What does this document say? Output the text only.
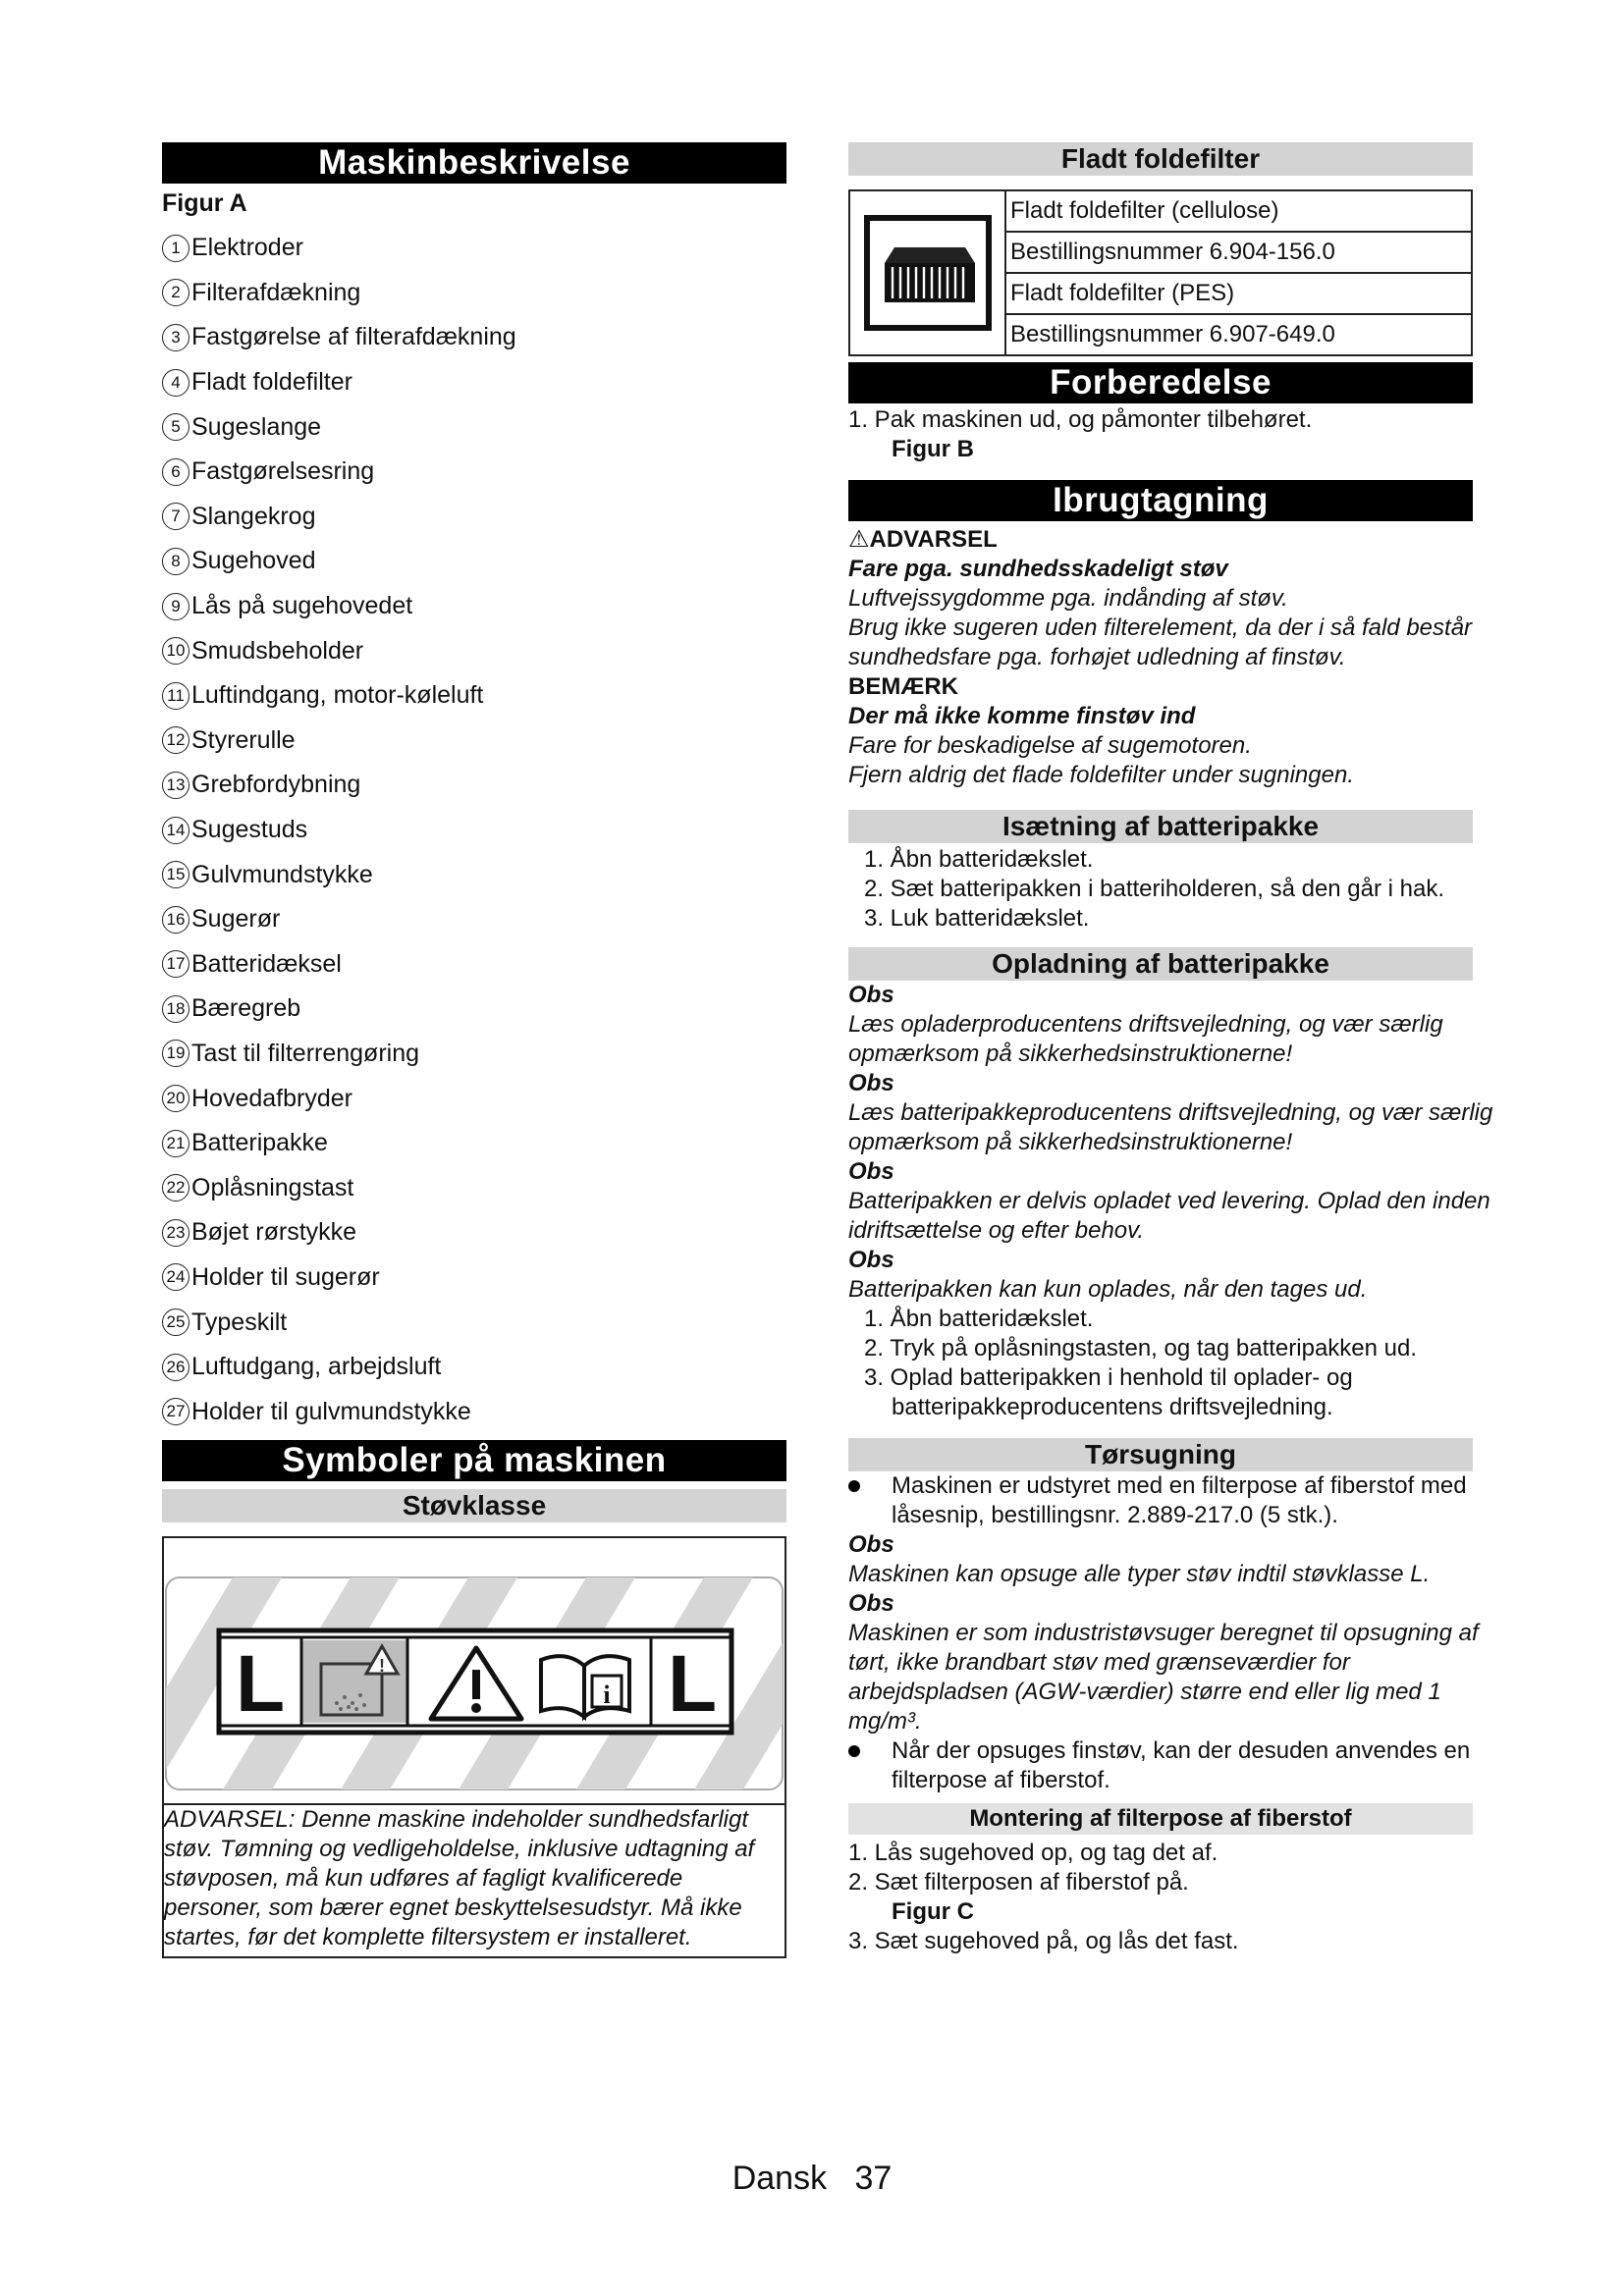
Maskinbeskrivelse
Figur A
1 Elektroder
2 Filterafdækning
3 Fastgørelse af filterafdækning
4 Fladt foldefilter
5 Sugeslange
6 Fastgørelsesring
7 Slangekrog
8 Sugehoved
9 Lås på sugehovedet
10 Smudsbeholder
11 Luftindgang, motor-køleluft
12 Styrerulle
13 Grebfordybning
14 Sugestuds
15 Gulvmundstykke
16 Sugerør
17 Batteridæksel
18 Bæregreb
19 Tast til filterrengøring
20 Hovedafbryder
21 Batteripakke
22 Oplåsningstast
23 Bøjet rørstykke
24 Holder til sugerør
25 Typeskilt
26 Luftudgang, arbejdsluft
27 Holder til gulvmundstykke
Symboler på maskinen
Støvklasse
L	!
i L
ADVARSEL: Denne maskine indeholder sundhedsfarligt støv. Tømning og vedligeholdelse, inklusive udtagning af støvposen, må kun udføres af fagligt kvalificerede personer, som bærer egnet beskyttelsesudstyr. Må ikke startes, før det komplette filtersystem er installeret.
Fladt foldefilter
Fladt foldefilter (cellulose)
Bestillingsnummer 6.904-156.0
Fladt foldefilter (PES)
Bestillingsnummer 6.907-649.0
Forberedelse
1. Pak maskinen ud, og påmonter tilbehøret.
Figur B
Ibrugtagning
⚠ADVARSEL
Fare pga. sundhedsskadeligt støv
Luftvejssygdomme pga. indånding af støv.
Brug ikke sugeren uden filterelement, da der i så fald består sundhedsfare pga. forhøjet udledning af finstøv.
BEMÆRK
Der må ikke komme finstøv ind
Fare for beskadigelse af sugemotoren.
Fjern aldrig det flade foldefilter under sugningen.
Isætning af batteripakke
1. Åbn batteridækslet.
2. Sæt batteripakken i batteriholderen, så den går i hak.
3. Luk batteridækslet.
Opladning af batteripakke
Obs
Læs opladerproducentens driftsvejledning, og vær særlig opmærksom på sikkerhedsinstruktionerne!
Obs
Læs batteripakkeproducentens driftsvejledning, og vær særlig opmærksom på sikkerhedsinstruktionerne!
Obs
Batteripakken er delvis opladet ved levering. Oplad den inden idriftsættelse og efter behov.
Obs
Batteripakken kan kun oplades, når den tages ud.
1. Åbn batteridækslet.
2. Tryk på oplåsningstasten, og tag batteripakken ud.
3. Oplad batteripakken i henhold til oplader- og batteripakkeproducentens driftsvejledning.
Tørsugning
Maskinen er udstyret med en filterpose af fiberstof med låsesnip, bestillingsnr. 2.889-217.0 (5 stk.).
Obs
Maskinen kan opsuge alle typer støv indtil støvklasse L.
Obs
Maskinen er som industristøvsuger beregnet til opsugning af tørt, ikke brandbart støv med grænseværdier for arbejdspladsen (AGW-værdier) større end eller lig med 1 mg/m³.
Når der opsuges finstøv, kan der desuden anvendes en filterpose af fiberstof.
Montering af filterpose af fiberstof
1. Lås sugehoved op, og tag det af.
2. Sæt filterposen af fiberstof på.
Figur C
3. Sæt sugehoved på, og lås det fast.
Dansk 37
